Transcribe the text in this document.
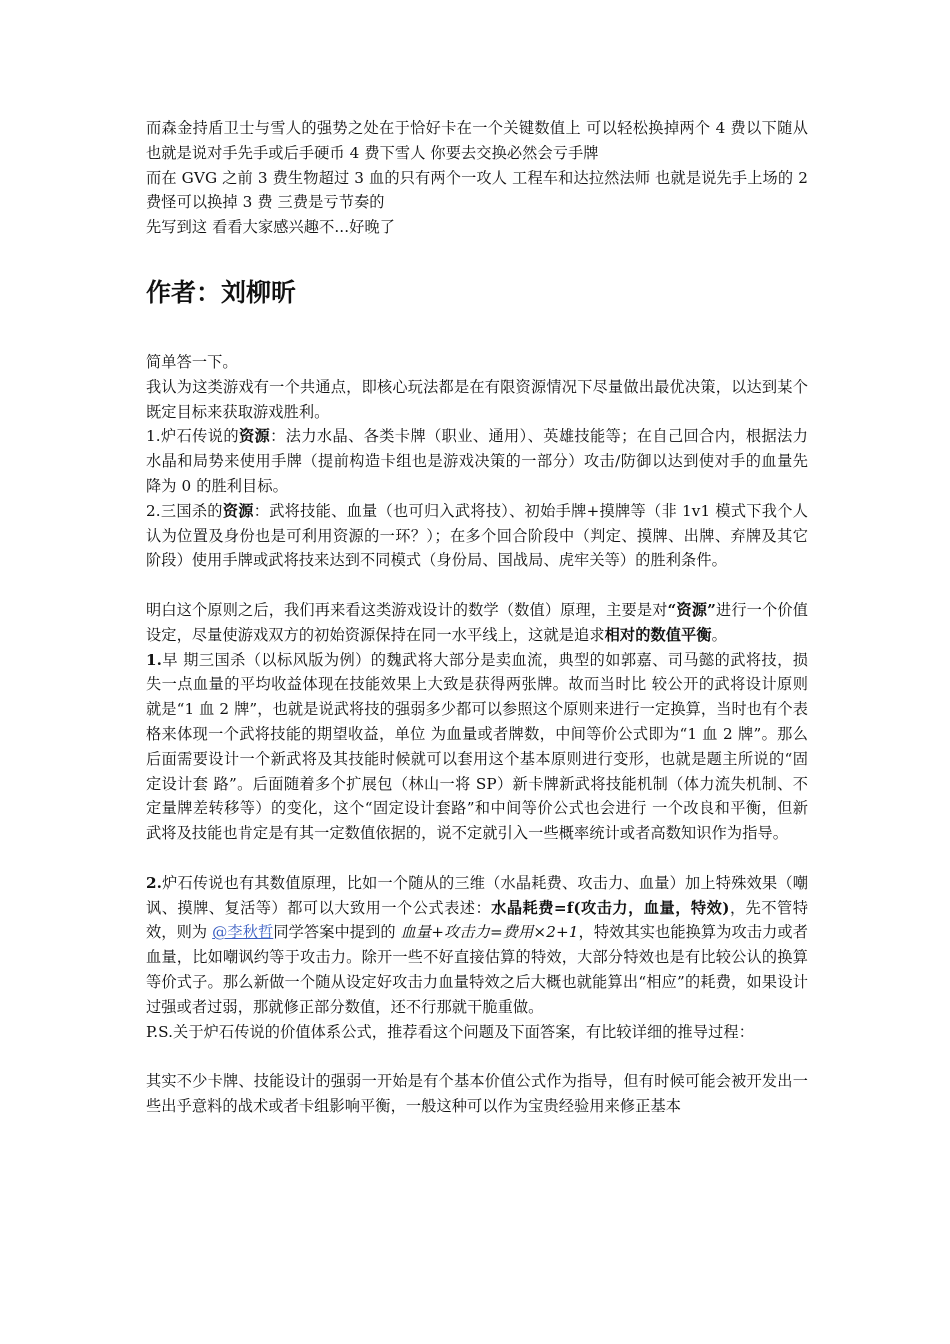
而森金持盾卫士与雪人的强势之处在于恰好卡在一个关键数值上 可以轻松换掉两个 4 费以下随从 也就是说对手先手或后手硬币 4 费下雪人 你要去交换必然会亏手牌

而在 GVG 之前 3 费生物超过 3 血的只有两个一攻人 工程车和达拉然法师 也就是说先手上场的 2 费怪可以换掉 3 费 三费是亏节奏的

先写到这 看看大家感兴趣不...好晚了

作者：刘柳昕

简单答一下。

我认为这类游戏有一个共通点，即核心玩法都是在有限资源情况下尽量做出最优决策，以达到某个既定目标来获取游戏胜利。

1.炉石传说的资源：法力水晶、各类卡牌（职业、通用）、英雄技能等；在自己回合内，根据法力水晶和局势来使用手牌（提前构造卡组也是游戏决策的一部分）攻击/防御以达到使对手的血量先降为 0 的胜利目标。

2.三国杀的资源：武将技能、血量（也可归入武将技）、初始手牌+摸牌等（非 1v1 模式下我个人认为位置及身份也是可利用资源的一环？）；在多个回合阶段中（判定、摸牌、出牌、弃牌及其它阶段）使用手牌或武将技来达到不同模式（身份局、国战局、虎牢关等）的胜利条件。

明白这个原则之后，我们再来看这类游戏设计的数学（数值）原理，主要是对“资源”进行一个价值设定，尽量使游戏双方的初始资源保持在同一水平线上，这就是追求相对的数值平衡。

1.早 期三国杀（以标风版为例）的魏武将大部分是卖血流，典型的如郭嘉、司马懿的武将技，损失一点血量的平均收益体现在技能效果上大致是获得两张牌。故而当时比 较公开的武将设计原则就是“1 血 2 牌”，也就是说武将技的强弱多少都可以参照这个原则来进行一定换算，当时也有个表格来体现一个武将技能的期望收益，单位 为血量或者牌数，中间等价公式即为“1 血 2 牌”。那么后面需要设计一个新武将及其技能时候就可以套用这个基本原则进行变形，也就是题主所说的“固定设计套 路”。后面随着多个扩展包（林山一将 SP）新卡牌新武将技能机制（体力流失机制、不定量牌差转移等）的变化，这个“固定设计套路”和中间等价公式也会进行 一个改良和平衡，但新武将及技能也肯定是有其一定数值依据的，说不定就引入一些概率统计或者高数知识作为指导。

2.炉石传说也有其数值原理，比如一个随从的三维（水晶耗费、攻击力、血量）加上特殊效果（嘲讽、摸牌、复活等）都可以大致用一个公式表述：水晶耗费=f(攻击力，血量，特效)，先不管特效，则为 @李秋哲同学答案中提到的 血量+攻击力=费用×2+1，特效其实也能换算为攻击力或者血量，比如嘲讽约等于攻击力。除开一些不好直接估算的特效，大部分特效也是有比较公认的换算等价式子。那么新做一个随从设定好攻击力血量特效之后大概也就能算出“相应”的耗费，如果设计过强或者过弱，那就修正部分数值，还不行那就干脆重做。

P.S.关于炉石传说的价值体系公式，推荐看这个问题及下面答案，有比较详细的推导过程：

其实不少卡牌、技能设计的强弱一开始是有个基本价值公式作为指导，但有时候可能会被开发出一些出乎意料的战术或者卡组影响平衡，一般这种可以作为宝贵经验用来修正基本
